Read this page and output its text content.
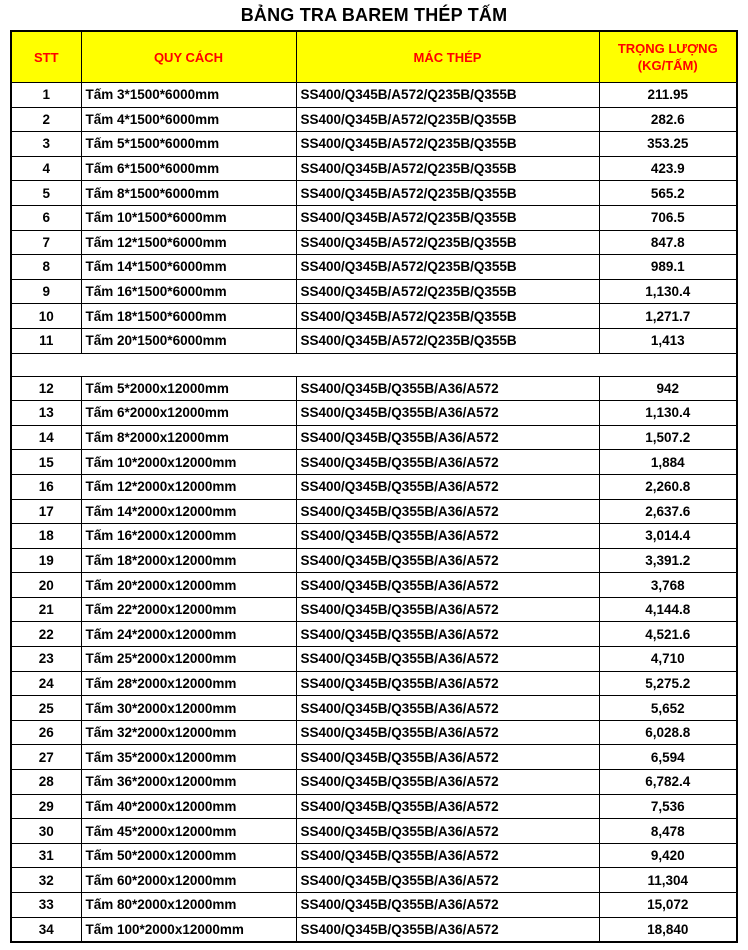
BẢNG TRA BAREM THÉP TẤM
STT	QUY CÁCH	MÁC THÉP	TRỌNG LƯỢNG
(KG/TẤM)

1	Tấm 3*1500*6000mm	SS400/Q345B/A572/Q235B/Q355B	211.95
2	Tấm 4*1500*6000mm	SS400/Q345B/A572/Q235B/Q355B	282.6
3	Tấm 5*1500*6000mm	SS400/Q345B/A572/Q235B/Q355B	353.25
4	Tấm 6*1500*6000mm	SS400/Q345B/A572/Q235B/Q355B	423.9
5	Tấm 8*1500*6000mm	SS400/Q345B/A572/Q235B/Q355B	565.2
6	Tấm 10*1500*6000mm	SS400/Q345B/A572/Q235B/Q355B	706.5
7	Tấm 12*1500*6000mm	SS400/Q345B/A572/Q235B/Q355B	847.8
8	Tấm 14*1500*6000mm	SS400/Q345B/A572/Q235B/Q355B	989.1
9	Tấm 16*1500*6000mm	SS400/Q345B/A572/Q235B/Q355B	1,130.4
10	Tấm 18*1500*6000mm	SS400/Q345B/A572/Q235B/Q355B	1,271.7
11	Tấm 20*1500*6000mm	SS400/Q345B/A572/Q235B/Q355B	1,413

12	Tấm 5*2000x12000mm	SS400/Q345B/Q355B/A36/A572	942
13	Tấm 6*2000x12000mm	SS400/Q345B/Q355B/A36/A572	1,130.4
14	Tấm 8*2000x12000mm	SS400/Q345B/Q355B/A36/A572	1,507.2
15	Tấm 10*2000x12000mm	SS400/Q345B/Q355B/A36/A572	1,884
16	Tấm 12*2000x12000mm	SS400/Q345B/Q355B/A36/A572	2,260.8
17	Tấm 14*2000x12000mm	SS400/Q345B/Q355B/A36/A572	2,637.6
18	Tấm 16*2000x12000mm	SS400/Q345B/Q355B/A36/A572	3,014.4
19	Tấm 18*2000x12000mm	SS400/Q345B/Q355B/A36/A572	3,391.2
20	Tấm 20*2000x12000mm	SS400/Q345B/Q355B/A36/A572	3,768
21	Tấm 22*2000x12000mm	SS400/Q345B/Q355B/A36/A572	4,144.8
22	Tấm 24*2000x12000mm	SS400/Q345B/Q355B/A36/A572	4,521.6
23	Tấm 25*2000x12000mm	SS400/Q345B/Q355B/A36/A572	4,710
24	Tấm 28*2000x12000mm	SS400/Q345B/Q355B/A36/A572	5,275.2
25	Tấm 30*2000x12000mm	SS400/Q345B/Q355B/A36/A572	5,652
26	Tấm 32*2000x12000mm	SS400/Q345B/Q355B/A36/A572	6,028.8
27	Tấm 35*2000x12000mm	SS400/Q345B/Q355B/A36/A572	6,594
28	Tấm 36*2000x12000mm	SS400/Q345B/Q355B/A36/A572	6,782.4
29	Tấm 40*2000x12000mm	SS400/Q345B/Q355B/A36/A572	7,536
30	Tấm 45*2000x12000mm	SS400/Q345B/Q355B/A36/A572	8,478
31	Tấm 50*2000x12000mm	SS400/Q345B/Q355B/A36/A572	9,420
32	Tấm 60*2000x12000mm	SS400/Q345B/Q355B/A36/A572	11,304
33	Tấm 80*2000x12000mm	SS400/Q345B/Q355B/A36/A572	15,072
34	Tấm 100*2000x12000mm	SS400/Q345B/Q355B/A36/A572	18,840
